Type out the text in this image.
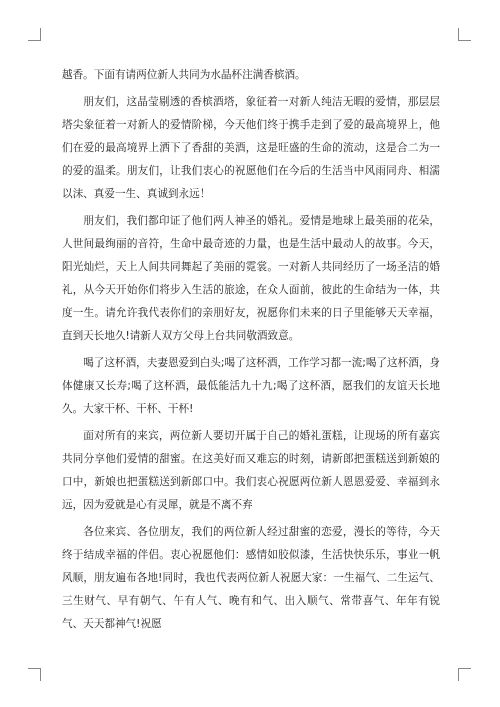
越香。下面有请两位新人共同为水晶杯注满香槟酒。

朋友们，这晶莹剔透的香槟酒塔，象征着一对新人纯洁无暇的爱情，那层层塔尖象征着一对新人的爱情阶梯，今天他们终于携手走到了爱的最高境界上，他们在爱的最高境界上洒下了香甜的美酒，这是旺盛的生命的流动，这是合二为一的爱的温柔。朋友们，让我们衷心的祝愿他们在今后的生活当中风雨同舟、相濡以沫、真爱一生、真诚到永远！

朋友们，我们都印证了他们两人神圣的婚礼。爱情是地球上最美丽的花朵，人世间最绚丽的音符，生命中最奇迹的力量，也是生活中最动人的故事。今天，阳光灿烂，天上人间共同舞起了美丽的霓裳。一对新人共同经历了一场圣洁的婚礼，从今天开始你们将步入生活的旅途，在众人面前，彼此的生命结为一体，共度一生。请允许我代表你们的亲朋好友，祝愿你们未来的日子里能够天天幸福，直到天长地久!请新人双方父母上台共同敬酒致意。

喝了这杯酒，夫妻恩爱到白头;喝了这杯酒，工作学习都一流;喝了这杯酒，身体健康又长寿;喝了这杯酒，最低能活九十九;喝了这杯酒，愿我们的友谊天长地久。大家干杯、干杯、干杯!

面对所有的来宾，两位新人要切开属于自己的婚礼蛋糕，让现场的所有嘉宾共同分享他们爱情的甜蜜。在这美好而又难忘的时刻，请新郎把蛋糕送到新娘的口中，新娘也把蛋糕送到新郎口中。我们衷心祝愿两位新人恩恩爱爱、幸福到永远，因为爱就是心有灵犀，就是不离不弃

各位来宾、各位朋友，我们的两位新人经过甜蜜的恋爱，漫长的等待，今天终于结成幸福的伴侣。衷心祝愿他们：感情如胶似漆，生活快快乐乐，事业一帆风顺，朋友遍布各地!同时，我也代表两位新人祝愿大家：一生福气、二生运气、三生财气、早有朝气、午有人气、晚有和气、出入顺气、常带喜气、年年有锐气、天天都神气!祝愿
